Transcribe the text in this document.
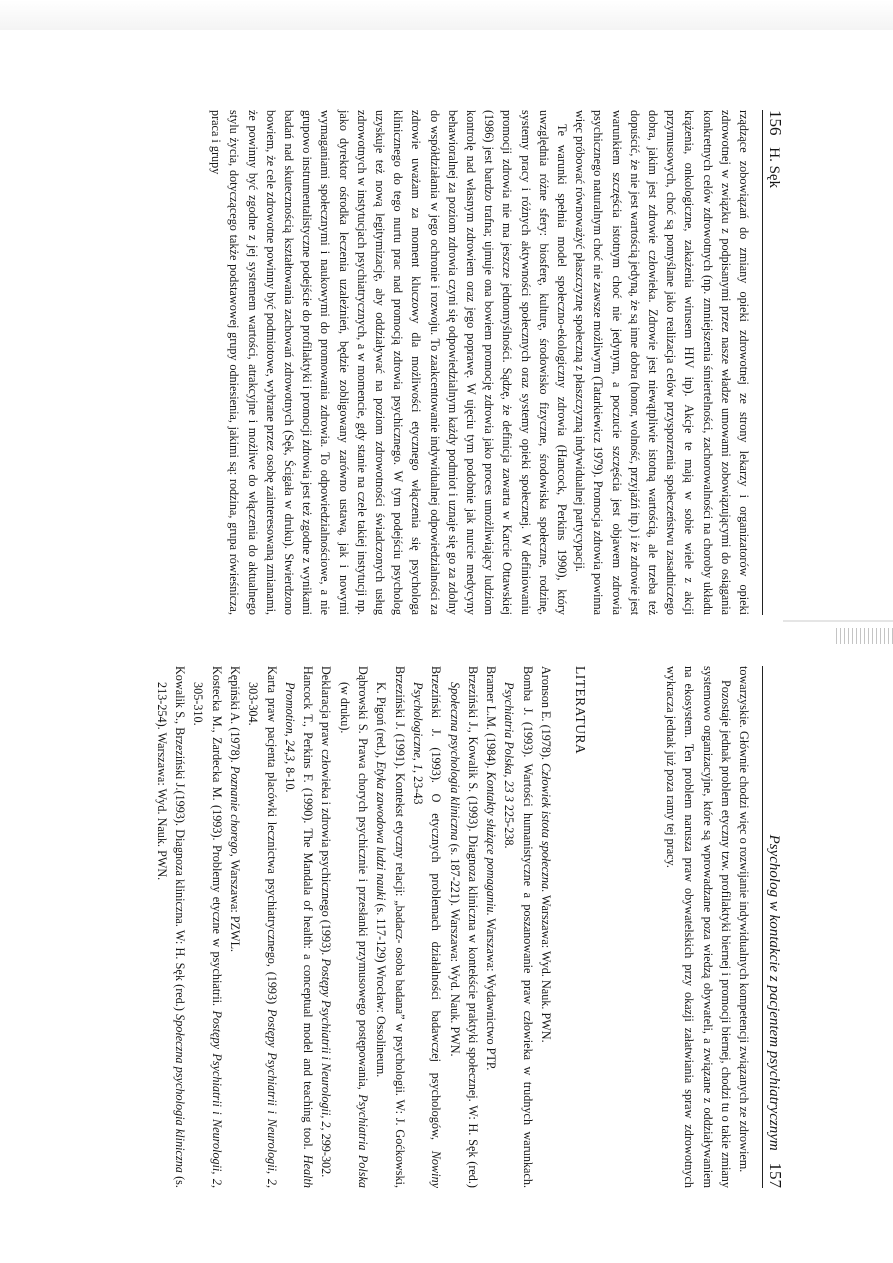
156 H. Sęk

rządzące zobowiązań do zmiany opieki zdrowotnej ze strony lekarzy i organizatorów opieki zdrowotnej w związku z podpisanymi przez nasze władze umowami zobowiązującymi do osiągania konkretnych celów zdrowotnych (np. zmniejszenia śmiertelności, zachorowalności na choroby układu krążenia, onkologiczne, zakażenia wirusem HIV itp). Akcje te mają w sobie wiele z akcji przymusowych, choć są pomyślane jako realizacja celów przysporzenia społeczeństwu zasadniczego dobra, jakim jest zdrowie człowieka. Zdrowie jest niewątpliwie istotną wartością, ale trzeba też dopuścić, że nie jest wartością jedyną, że są inne dobra (honor, wolność, przyjaźń itp.) i że zdrowie jest warunkiem szczęścia istotnym choć nie jedynym, a poczucie szczęścia jest objawem zdrowia psychicznego naturalnym choć nie zawsze możliwym (Tatarkiewicz 1979). Promocja zdrowia powinna więc próbować równoważyć płaszczyznę społeczną z płaszczyzną indywidualnej partycypacji.

Te warunki spełnia model społeczno-ekologiczny zdrowia (Hancock, Perkins 1990), który uwzględnia różne sfery: biosferę, kulturę, środowisko fizyczne, środowiska społeczne, rodzinę, systemy pracy i różnych aktywności społecznych oraz systemy opieki społecznej. W definiowaniu promocji zdrowia nie ma jeszcze jednomyślności. Sądzę, że definicja zawarta w Karcie Ottawskiej (1986) jest bardzo trafna; ujmuje ona bowiem promocję zdrowia jako proces umożliwiający ludziom kontrolę nad własnym zdrowiem oraz jego poprawę. W ujęciu tym podobnie jak nurcie medycyny behawioralnej za poziom zdrowia czyni się odpowiedzialnym każdy podmiot i uznaje się go za zdolny do współdziałania w jego ochronie i rozwoju. To zaakcentowanie indywidualnej odpowiedzialności za zdrowie uważam za moment kluczowy dla możliwości etycznego włączenia się psychologa klinicznego do tego nurtu prac nad promocją zdrowia psychicznego. W tym podejściu psycholog uzyskuje też nową legitymizację, aby oddziaływać na poziom zdrowotności świadczonych usług zdrowotnych w instytucjach psychiatrycznych, a w momencie, gdy stanie na czele takiej instytucji np. jako dyrektor ośrodka leczenia uzależnień, będzie zobligowany zarówno ustawą, jak i nowymi wymaganiami społecznymi i naukowymi do promowania zdrowia. To odpowiedzialnościowe, a nie grupowo instrumentalistyczne podejście do profilaktyki i promocji zdrowia jest też zgodne z wynikami badań nad skutecznością kształtowania zachowań zdrowotnych (Sęk, Ścigała w druku). Stwierdzono bowiem, że cele zdrowotne powinny być podmiotowe, wybrane przez osobę zainteresowaną zmianami, że powinny być zgodne z jej systemem wartości, atrakcyjne i możliwe do włączenia do aktualnego stylu życia, dotyczącego także podstawowej grupy odniesienia, jakimi są: rodzina, grupa rówieśnicza, praca i grupy

Psycholog w kontakcie z pacjentem psychiatrycznym 157

towarzyskie. Głównie chodzi więc o rozwijanie indywidualnych kompetencji związanych ze zdrowiem.

Pozostaje jednak problem etyczny tzw. profilaktyki biernej i promocji biernej, chodzi tu o takie zmiany systemowo organizacyjne, które są wprowadzane poza wiedzą obywateli, a związane z oddziaływaniem na ekosystem. Ten problem narusza praw obywatelskich przy okazji załatwiania spraw zdrowotnych wykracza jednak już poza ramy tej pracy.

LITERATURA

Aronson E. (1978). Człowiek istota społeczna. Warszawa: Wyd. Nauk. PWN.

Bomba J. (1993). Wartości humanistyczne a poszanowanie praw człowieka w trudnych warunkach. Psychiatria Polska, 23 3 225-238.

Bramer L.M. (1984). Kontakty służące pomaganiu. Warszawa: Wydawnictwo PTP.

Brzeziński J., Kowalik S. (1993). Diagnoza kliniczna w kontekście praktyki społecznej. W: H. Sęk (red.) Społeczna psychologia kliniczna (s. 187-221). Warszawa: Wyd. Nauk. PWN.

Brzeziński J. (1993). O etycznych problemach działalności badawczej psychologów, Nowiny Psychologiczne, 1, 23-43

Brzeziński J. (1991). Kontekst etyczny relacji: „badacz- osoba badana” w psychologii. W: J. Goćkowski, K. Pigoń (red.), Etyka zawodowa ludzi nauki (s. 117-129) Wrocław: Ossolineum.

Dąbrowski S. Prawa chorych psychicznie i przesłanki przymusowego postępowania, Psychiatria Polska (w druku).

Deklaracja praw człowieka i zdrowia psychicznego (1993). Postępy Psychiatrii i Neurologii, 2, 299-302.

Hancock T., Perkins F. (1990). The Mandala of health: a conceptual model and teaching tool. Health Promotion, 24,3, 8-10.

Karta praw pacjenta placówki lecznictwa psychiatrycznego, (1993) Postępy Psychiatrii i Neurologii, 2, 303-304.

Kępiński A. (1978). Poznanie chorego, Warszawa: PZWL.

Kostecka M., Zardecka M. (1993). Problemy etyczne w psychiatrii. Postępy Psychiatrii i Neurologii, 2, 305-310.

Kowalik S., Brzeziński J.(1993). Diagnoza kliniczna. W: H. Sęk (red.) Społeczna psychologia kliniczna (s. 213-254). Warszawa: Wyd. Nauk. PWN.
